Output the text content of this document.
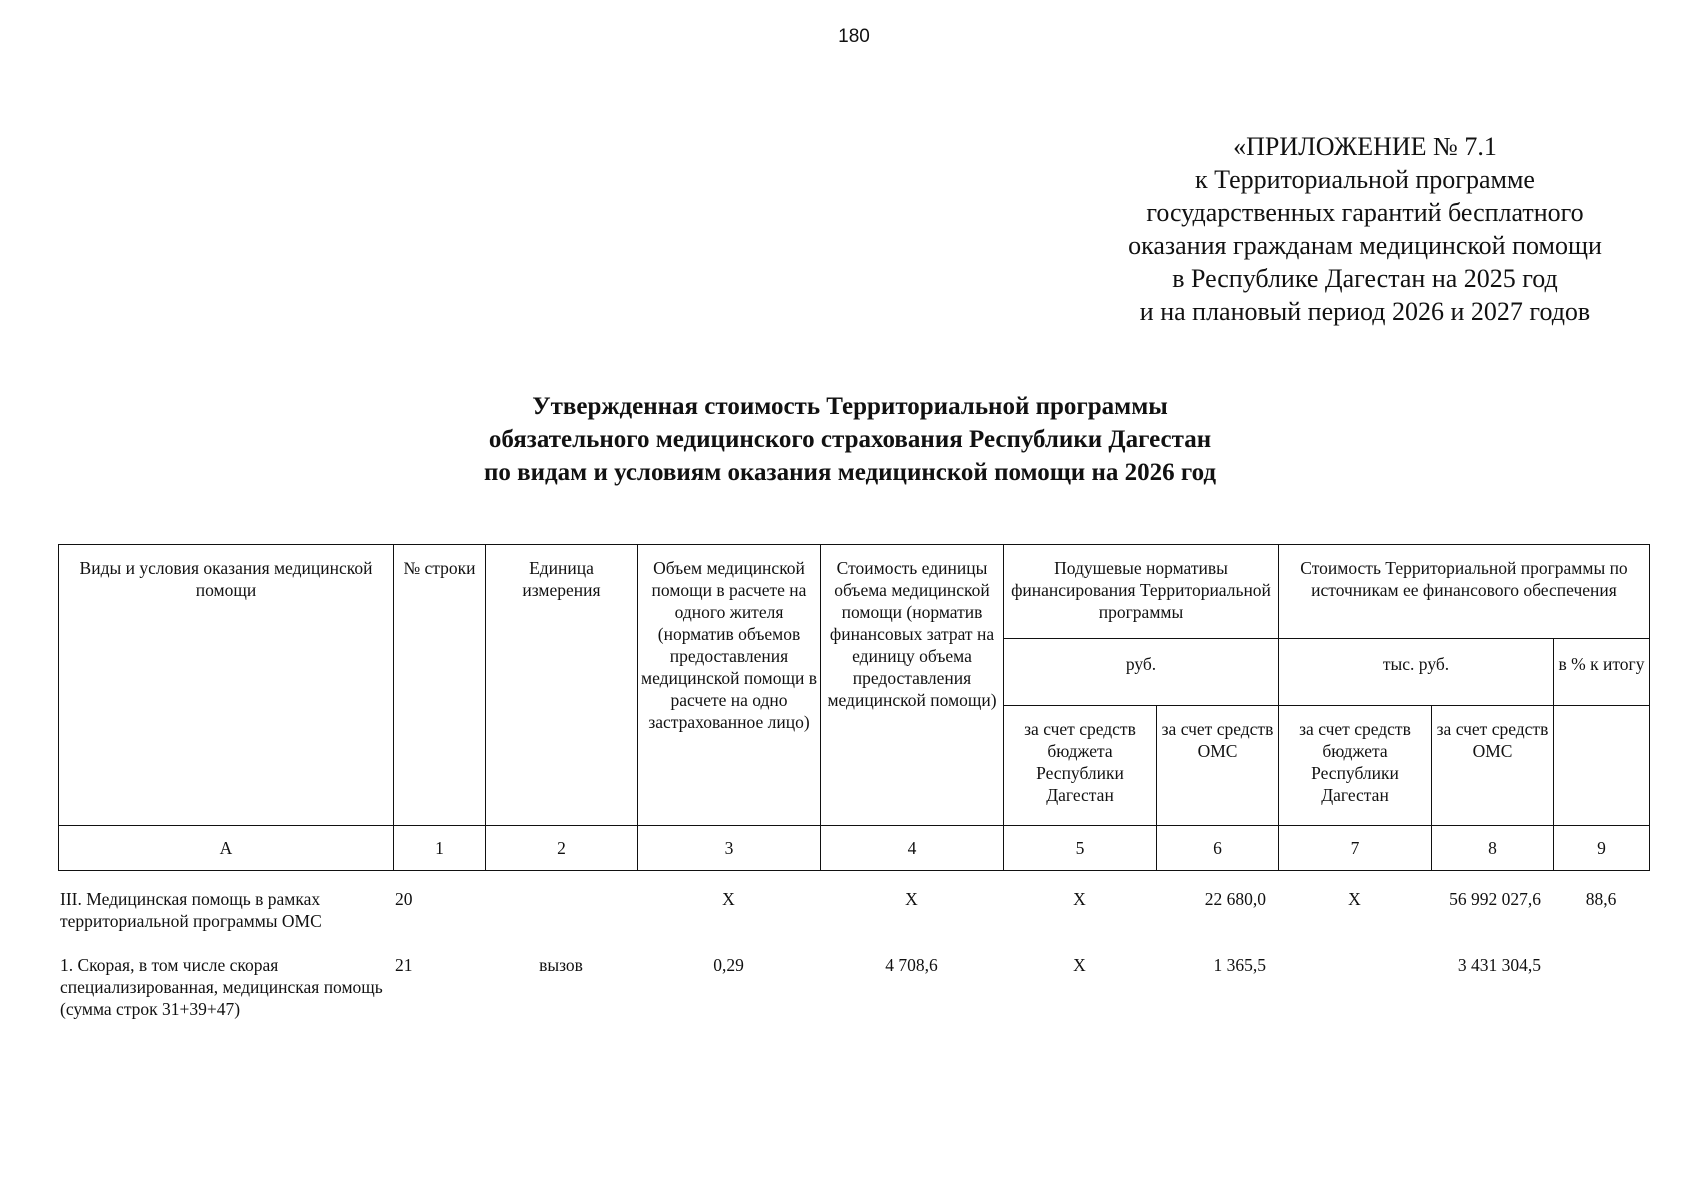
180
«ПРИЛОЖЕНИЕ № 7.1
к Территориальной программе
государственных гарантий бесплатного
оказания гражданам медицинской помощи
в Республике Дагестан на 2025 год
и на плановый период 2026 и 2027 годов
Утвержденная стоимость Территориальной программы
обязательного медицинского страхования Республики Дагестан
по видам и условиям оказания медицинской помощи на 2026 год
Виды и условия оказания медицинской помощи	№ строки	Единица измерения	Объем медицинской помощи в расчете на одного жителя (норматив объемов предоставления медицинской помощи в расчете на одно застрахованное лицо)	Стоимость единицы объема медицинской помощи (норматив финансовых затрат на единицу объема предоставления медицинской помощи)	Подушевые нормативы финансирования Территориальной программы		Стоимость Территориальной программы по источникам ее финансового обеспечения		
					руб.		тыс. руб.		в % к итогу
					за счет средств бюджета Республики Дагестан	за счет средств ОМС	за счет средств бюджета Республики Дагестан	за счет средств ОМС	
А	1	2	3	4	5	6	7	8	9
III. Медицинская помощь в рамках территориальной программы ОМС	20		Х	Х	Х	22 680,0	Х	56 992 027,6	88,6
1. Скорая, в том числе скорая специализированная, медицинская помощь (сумма строк 31+39+47)	21	вызов	0,29	4 708,6	Х	1 365,5		3 431 304,5	
